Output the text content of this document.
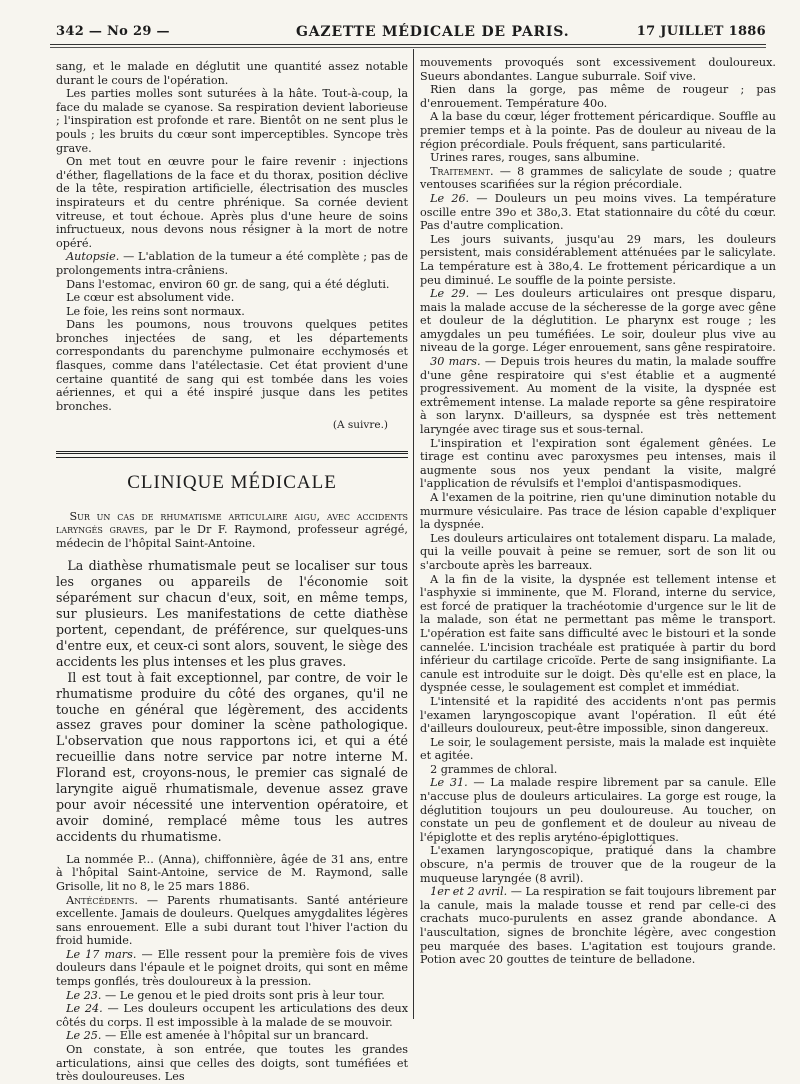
342 — No 29 —	GAZETTE MÉDICALE DE PARIS.	17 JUILLET 1886

sang, et le malade en déglutit une quantité assez notable durant le cours de l'opération.

Les parties molles sont suturées à la hâte. Tout-à-coup, la face du malade se cyanose. Sa respiration devient laborieuse ; l'inspiration est profonde et rare. Bientôt on ne sent plus le pouls ; les bruits du cœur sont imperceptibles. Syncope très grave.

On met tout en œuvre pour le faire revenir : injections d'éther, flagellations de la face et du thorax, position déclive de la tête, respiration artificielle, électrisation des muscles inspirateurs et du centre phrénique. Sa cornée devient vitreuse, et tout échoue. Après plus d'une heure de soins infructueux, nous devons nous résigner à la mort de notre opéré.

Autopsie. — L'ablation de la tumeur a été complète ; pas de prolongements intra-crâniens.

Dans l'estomac, environ 60 gr. de sang, qui a été dégluti.

Le cœur est absolument vide.

Le foie, les reins sont normaux.

Dans les poumons, nous trouvons quelques petites bronches injectées de sang, et les départements correspondants du parenchyme pulmonaire ecchymosés et flasques, comme dans l'atélectasie. Cet état provient d'une certaine quantité de sang qui est tombée dans les voies aériennes, et qui a été inspiré jusque dans les petites bronches.

(A suivre.)

CLINIQUE MÉDICALE

Sur un cas de rhumatisme articulaire aigu, avec accidents laryngés graves, par le Dr F. Raymond, professeur agrégé, médecin de l'hôpital Saint-Antoine.

La diathèse rhumatismale peut se localiser sur tous les organes ou appareils de l'économie soit séparément sur chacun d'eux, soit, en même temps, sur plusieurs. Les manifestations de cette diathèse portent, cependant, de préférence, sur quelques-uns d'entre eux, et ceux-ci sont alors, souvent, le siège des accidents les plus intenses et les plus graves.

Il est tout à fait exceptionnel, par contre, de voir le rhumatisme produire du côté des organes, qu'il ne touche en général que légèrement, des accidents assez graves pour dominer la scène pathologique. L'observation que nous rapportons ici, et qui a été recueillie dans notre service par notre interne M. Florand est, croyons-nous, le premier cas signalé de laryngite aiguë rhumatismale, devenue assez grave pour avoir nécessité une intervention opératoire, et avoir dominé, remplacé même tous les autres accidents du rhumatisme.

La nommée P... (Anna), chiffonnière, âgée de 31 ans, entre à l'hôpital Saint-Antoine, service de M. Raymond, salle Grisolle, lit no 8, le 25 mars 1886.

Antécédents. — Parents rhumatisants. Santé antérieure excellente. Jamais de douleurs. Quelques amygdalites légères sans enrouement. Elle a subi durant tout l'hiver l'action du froid humide.

Le 17 mars. — Elle ressent pour la première fois de vives douleurs dans l'épaule et le poignet droits, qui sont en même temps gonflés, très douloureux à la pression.

Le 23. — Le genou et le pied droits sont pris à leur tour.

Le 24. — Les douleurs occupent les articulations des deux côtés du corps. Il est impossible à la malade de se mouvoir.

Le 25. — Elle est amenée à l'hôpital sur un brancard.

On constate, à son entrée, que toutes les grandes articulations, ainsi que celles des doigts, sont tuméfiées et très douloureuses. Les

mouvements provoqués sont excessivement douloureux. Sueurs abondantes. Langue suburrale. Soif vive.

Rien dans la gorge, pas même de rougeur ; pas d'enrouement. Température 40o.

A la base du cœur, léger frottement péricardique. Souffle au premier temps et à la pointe. Pas de douleur au niveau de la région précordiale. Pouls fréquent, sans particularité.

Urines rares, rouges, sans albumine.

Traitement. — 8 grammes de salicylate de soude ; quatre ventouses scarifiées sur la région précordiale.

Le 26. — Douleurs un peu moins vives. La température oscille entre 39o et 38o,3. Etat stationnaire du côté du cœur. Pas d'autre complication.

Les jours suivants, jusqu'au 29 mars, les douleurs persistent, mais considérablement atténuées par le salicylate. La température est à 38o,4. Le frottement péricardique a un peu diminué. Le souffle de la pointe persiste.

Le 29. — Les douleurs articulaires ont presque disparu, mais la malade accuse de la sécheresse de la gorge avec gêne et douleur de la déglutition. Le pharynx est rouge ; les amygdales un peu tuméfiées. Le soir, douleur plus vive au niveau de la gorge. Léger enrouement, sans gêne respiratoire.

30 mars. — Depuis trois heures du matin, la malade souffre d'une gêne respiratoire qui s'est établie et a augmenté progressivement. Au moment de la visite, la dyspnée est extrêmement intense. La malade reporte sa gêne respiratoire à son larynx. D'ailleurs, sa dyspnée est très nettement laryngée avec tirage sus et sous-ternal.

L'inspiration et l'expiration sont également gênées. Le tirage est continu avec paroxysmes peu intenses, mais il augmente sous nos yeux pendant la visite, malgré l'application de révulsifs et l'emploi d'antispasmodiques.

A l'examen de la poitrine, rien qu'une diminution notable du murmure vésiculaire. Pas trace de lésion capable d'expliquer la dyspnée.

Les douleurs articulaires ont totalement disparu. La malade, qui la veille pouvait à peine se remuer, sort de son lit ou s'arcboute après les barreaux.

A la fin de la visite, la dyspnée est tellement intense et l'asphyxie si imminente, que M. Florand, interne du service, est forcé de pratiquer la trachéotomie d'urgence sur le lit de la malade, son état ne permettant pas même le transport. L'opération est faite sans difficulté avec le bistouri et la sonde cannelée. L'incision trachéale est pratiquée à partir du bord inférieur du cartilage cricoïde. Perte de sang insignifiante. La canule est introduite sur le doigt. Dès qu'elle est en place, la dyspnée cesse, le soulagement est complet et immédiat.

L'intensité et la rapidité des accidents n'ont pas permis l'examen laryngoscopique avant l'opération. Il eût été d'ailleurs douloureux, peut-être impossible, sinon dangereux.

Le soir, le soulagement persiste, mais la malade est inquiète et agitée.

2 grammes de chloral.

Le 31. — La malade respire librement par sa canule. Elle n'accuse plus de douleurs articulaires. La gorge est rouge, la déglutition toujours un peu douloureuse. Au toucher, on constate un peu de gonflement et de douleur au niveau de l'épiglotte et des replis aryténo-épiglottiques.

L'examen laryngoscopique, pratiqué dans la chambre obscure, n'a permis de trouver que de la rougeur de la muqueuse laryngée (8 avril).

1er et 2 avril. — La respiration se fait toujours librement par la canule, mais la malade tousse et rend par celle-ci des crachats muco-purulents en assez grande abondance. A l'auscultation, signes de bronchite légère, avec congestion peu marquée des bases. L'agitation est toujours grande. Potion avec 20 gouttes de teinture de belladone.
